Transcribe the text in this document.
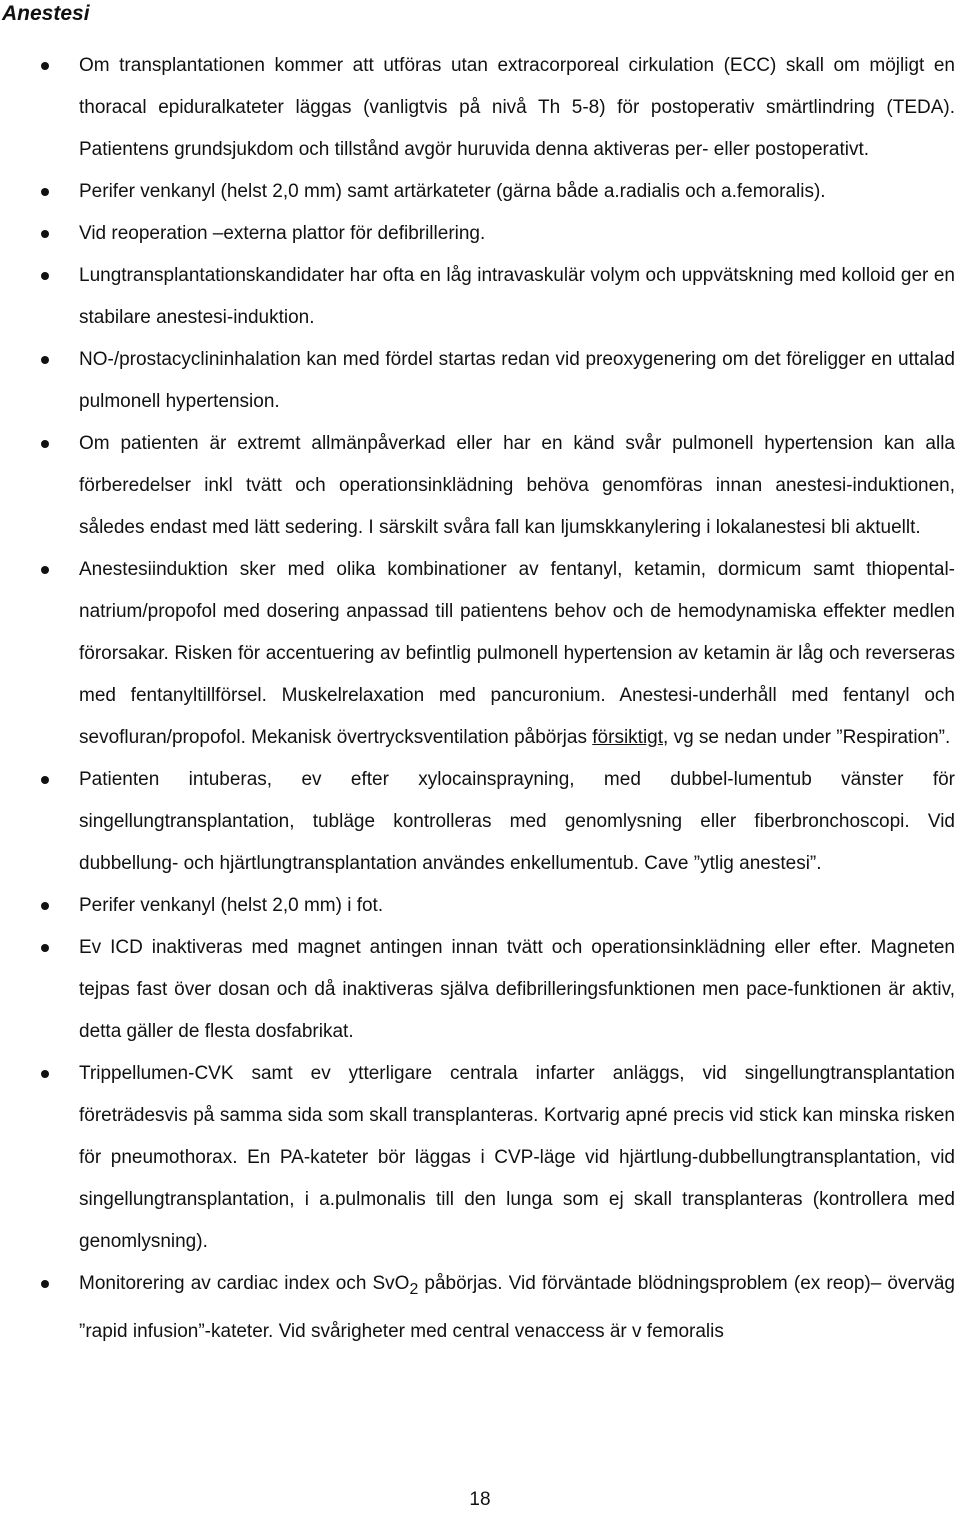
Anestesi
Om transplantationen kommer att utföras utan extracorporeal cirkulation (ECC) skall om möjligt en thoracal epiduralkateter läggas (vanligtvis på nivå Th 5-8) för postoperativ smärtlindring (TEDA). Patientens grundsjukdom och tillstånd avgör huruvida denna aktiveras per- eller postoperativt.
Perifer venkanyl (helst 2,0 mm) samt artärkateter (gärna både a.radialis och a.femoralis).
Vid reoperation –externa plattor för defibrillering.
Lungtransplantationskandidater har ofta en låg intravaskulär volym och uppvätskning med kolloid ger en stabilare anestesi-induktion.
NO-/prostacyclininhalation kan med fördel startas redan vid preoxygenering om det föreligger en uttalad pulmonell hypertension.
Om patienten är extremt allmänpåverkad eller har en känd svår pulmonell hypertension kan alla förberedelser inkl tvätt och operationsinklädning behöva genomföras innan anestesi-induktionen, således endast med lätt sedering. I särskilt svåra fall kan ljumskkanylering i lokalanestesi bli aktuellt.
Anestesiinduktion sker med olika kombinationer av fentanyl, ketamin, dormicum samt thiopental-natrium/propofol med dosering anpassad till patientens behov och de hemodynamiska effekter medlen förorsakar. Risken för accentuering av befintlig pulmonell hypertension av ketamin är låg och reverseras med fentanyltillförsel. Muskelrelaxation med pancuronium. Anestesi-underhåll med fentanyl och sevofluran/propofol. Mekanisk övertrycksventilation påbörjas försiktigt, vg se nedan under ”Respiration”.
Patienten intuberas, ev efter xylocainsprayning, med dubbel-lumentub vänster för singellungtransplantation, tubläge kontrolleras med genomlysning eller fiberbronchoscopi. Vid dubbellung- och hjärtlungtransplantation användes enkellumentub. Cave ”ytlig anestesi”.
Perifer venkanyl (helst 2,0 mm) i fot.
Ev ICD inaktiveras med magnet antingen innan tvätt och operationsinklädning eller efter. Magneten tejpas fast över dosan och då inaktiveras själva defibrilleringsfunktionen men pace-funktionen är aktiv, detta gäller de flesta dosfabrikat.
Trippellumen-CVK samt ev ytterligare centrala infarter anläggs, vid singellungtransplantation företrädesvis på samma sida som skall transplanteras. Kortvarig apné precis vid stick kan minska risken för pneumothorax. En PA-kateter bör läggas i CVP-läge vid hjärtlung-dubbellungtransplantation, vid singellungtransplantation, i a.pulmonalis till den lunga som ej skall transplanteras (kontrollera med genomlysning).
Monitorering av cardiac index och SvO$_2$ påbörjas. Vid förväntade blödningsproblem (ex reop)– överväg ”rapid infusion”-kateter. Vid svårigheter med central venaccess är v femoralis
18
